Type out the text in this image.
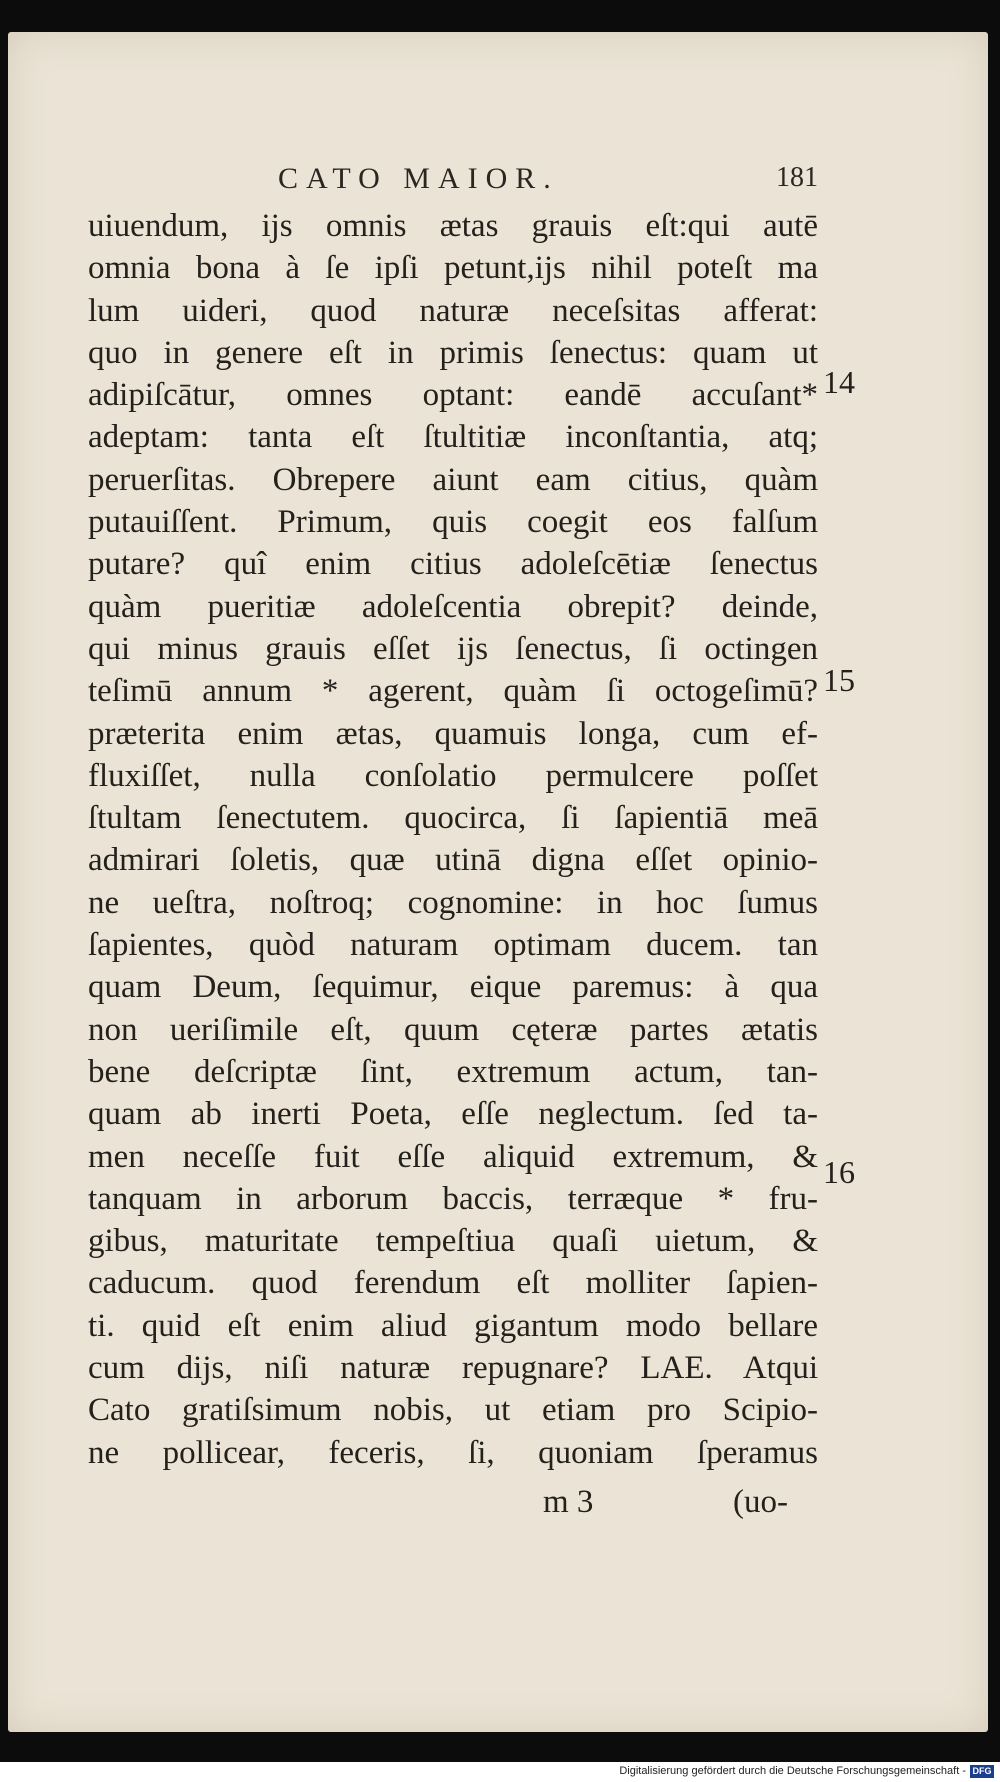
CATO MAIOR.	181
uiuendum, ijs omnis ætas grauis eſt:qui autē
omnia bona à ſe ipſi petunt,ijs nihil poteſt ma
lum uideri, quod naturæ neceſsitas afferat:
quo in genere eſt in primis ſenectus: quam ut
adipiſcātur, omnes optant: eandē accuſant*
adeptam: tanta eſt ſtultitiæ inconſtantia, atq;
peruerſitas. Obrepere aiunt eam citius, quàm
putauiſſent. Primum, quis coegit eos falſum
putare? quî enim citius adoleſcētiæ ſenectus
quàm pueritiæ adoleſcentia obrepit? deinde,
qui minus grauis eſſet ijs ſenectus, ſi octingen
teſimū annum * agerent, quàm ſi octogeſimū?
præterita enim ætas, quamuis longa, cum ef-
fluxiſſet, nulla conſolatio permulcere poſſet
ſtultam ſenectutem. quocirca, ſi ſapientiā meā
admirari ſoletis, quæ utinā digna eſſet opinio-
ne ueſtra, noſtroq; cognomine: in hoc ſumus
ſapientes, quòd naturam optimam ducem. tan
quam Deum, ſequimur, eique paremus: à qua
non ueriſimile eſt, quum cęteræ partes ætatis
bene deſcriptæ ſint, extremum actum, tan-
quam ab inerti Poeta, eſſe neglectum. ſed ta-
men neceſſe fuit eſſe aliquid extremum, &
tanquam in arborum baccis, terræque * fru-
gibus, maturitate tempeſtiua quaſi uietum, &
caducum. quod ferendum eſt molliter ſapien-
ti. quid eſt enim aliud gigantum modo bellare
cum dijs, niſi naturæ repugnare? LAE. Atqui
Cato gratiſsimum nobis, ut etiam pro Scipio-
ne pollicear, feceris, ſi, quoniam ſperamus
14
15
16
m 3	(uo-
Digitalisierung gefördert durch die Deutsche Forschungsgemeinschaft - DFG
